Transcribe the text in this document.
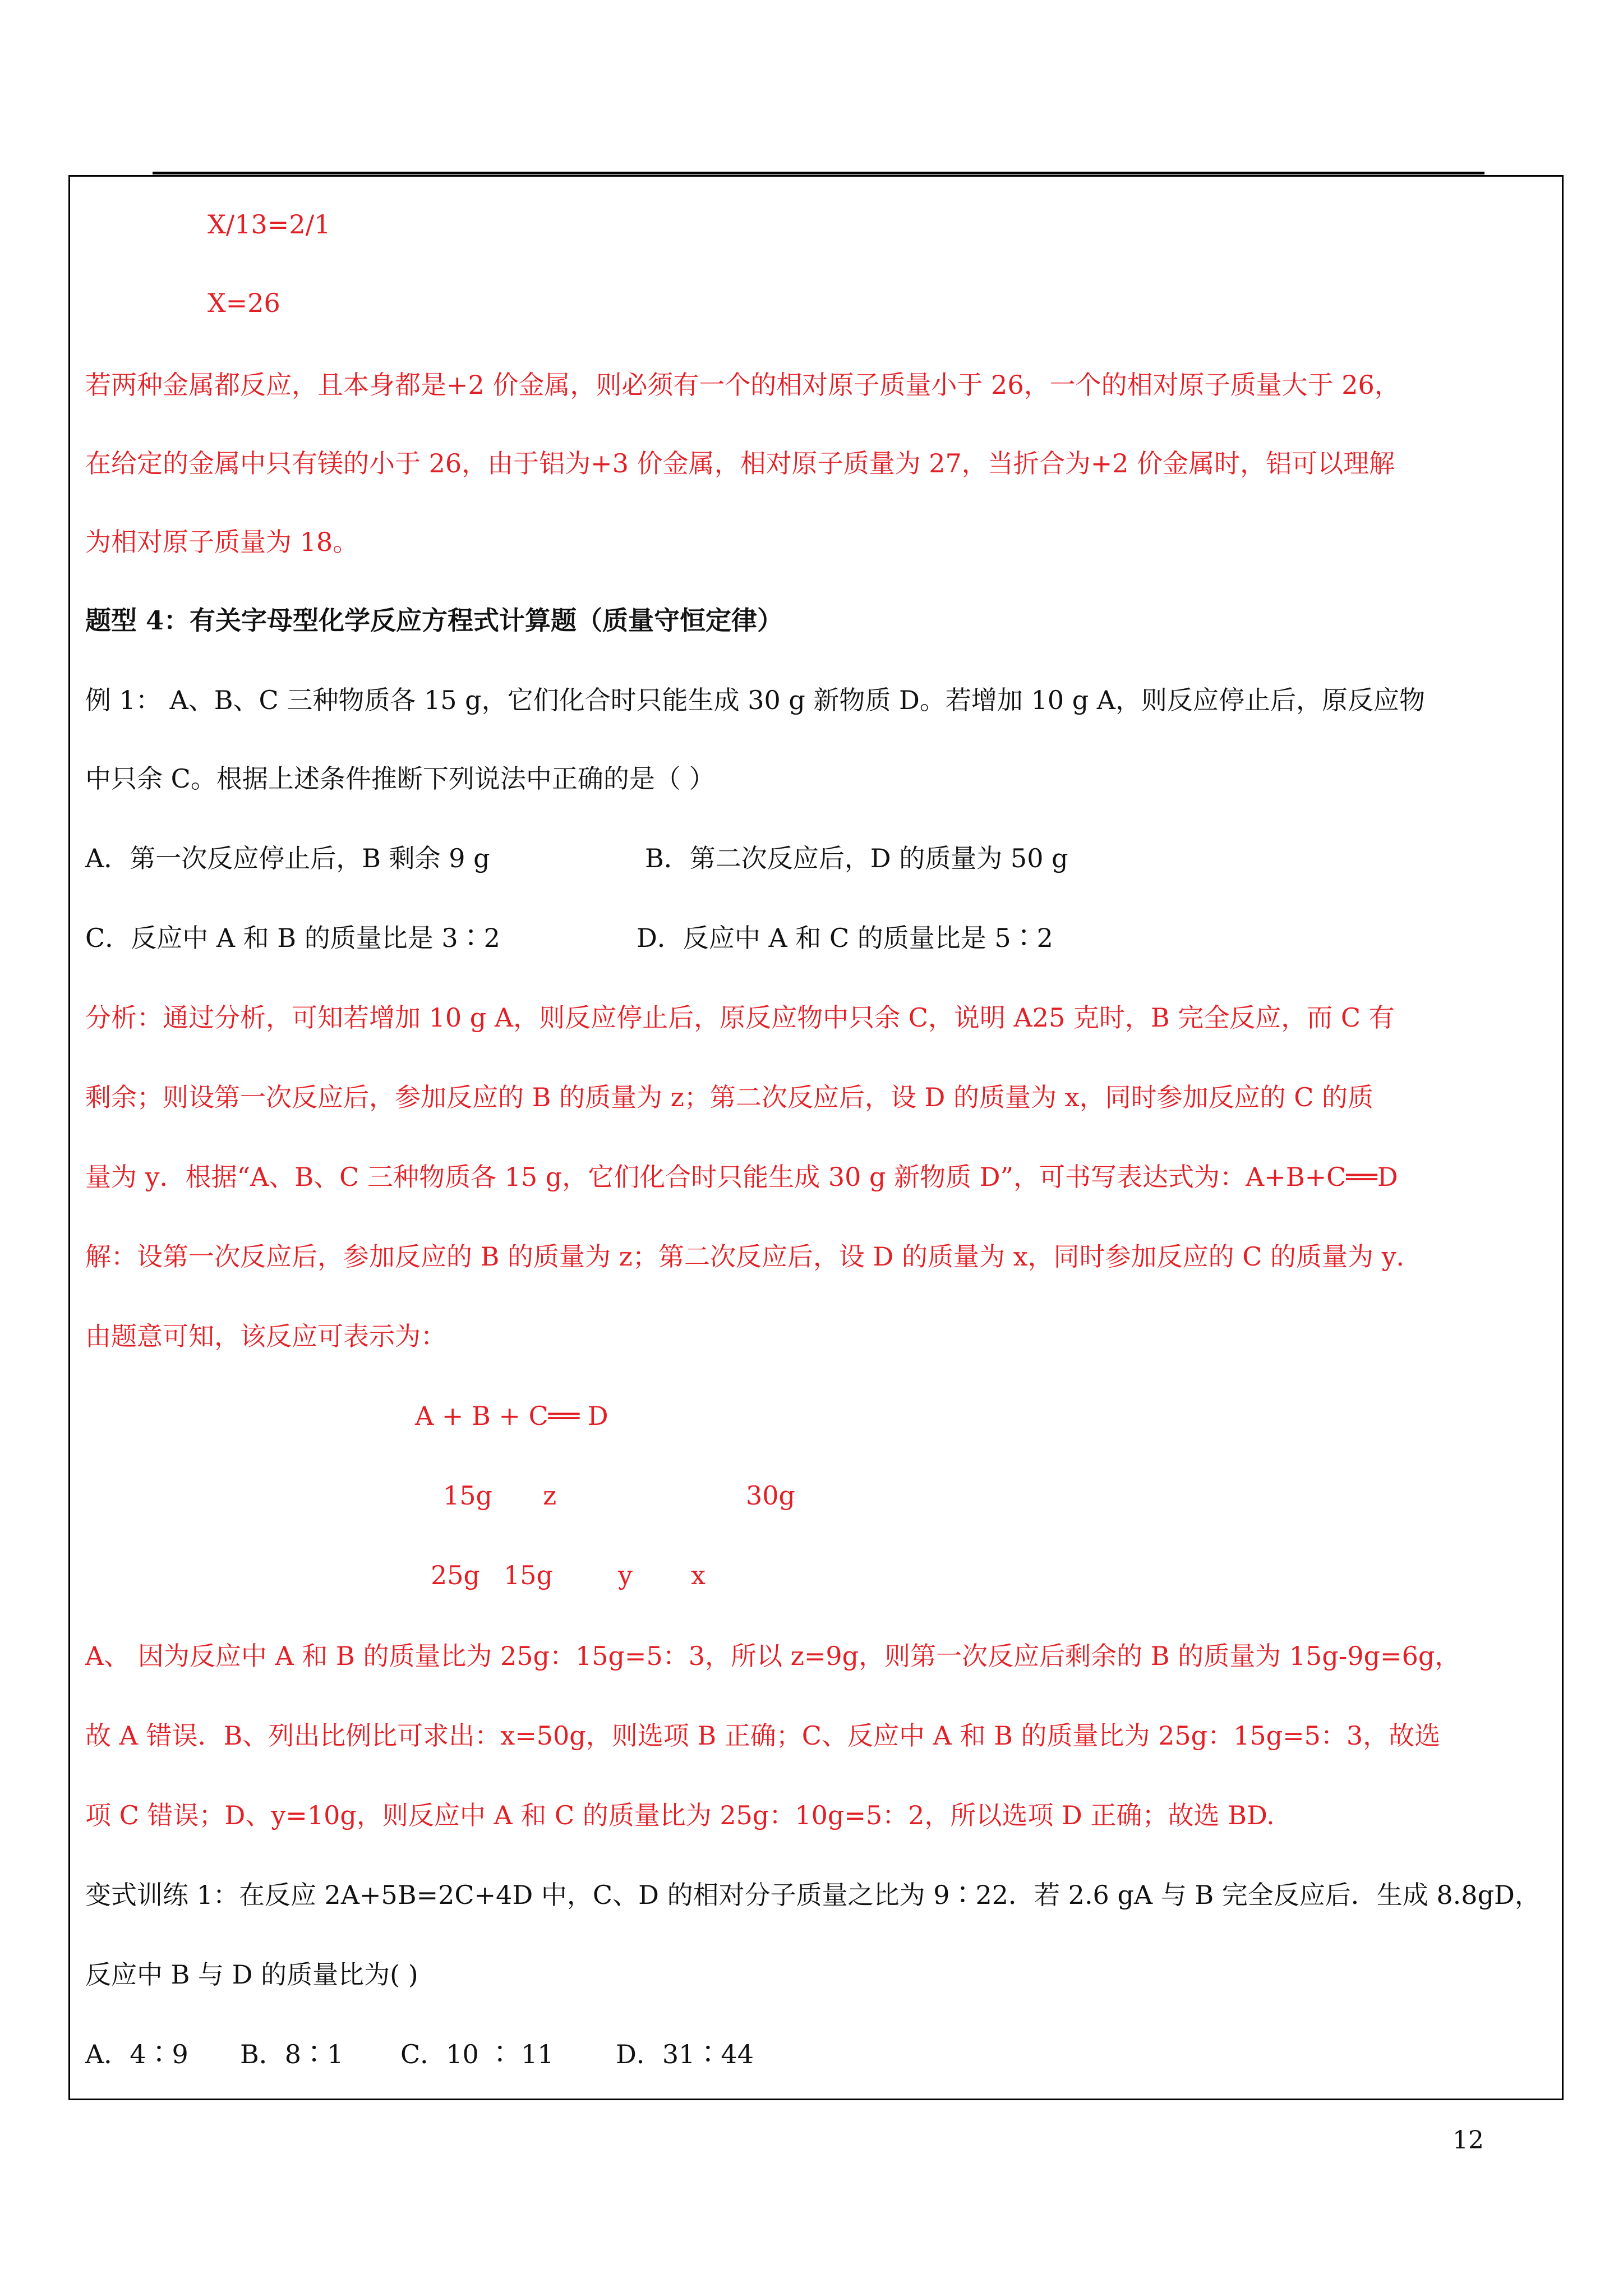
X/13=2/1
X=26
若两种金属都反应，且本身都是+2 价金属，则必须有一个的相对原子质量小于 26，一个的相对原子质量大于 26，
在给定的金属中只有镁的小于 26，由于铝为+3 价金属，相对原子质量为 27，当折合为+2 价金属时，铝可以理解
为相对原子质量为 18。
题型 4：有关字母型化学反应方程式计算题（质量守恒定律）
例 1： A、B、C 三种物质各 15 g，它们化合时只能生成 30 g 新物质 D。若增加 10 g A，则反应停止后，原反应物
中只余 C。根据上述条件推断下列说法中正确的是（ ）
A．第一次反应停止后，B 剩余 9 g	B．第二次反应后，D 的质量为 50 g
C．反应中 A 和 B 的质量比是 3∶2	D．反应中 A 和 C 的质量比是 5∶2
分析：通过分析，可知若增加 10 g A，则反应停止后，原反应物中只余 C，说明 A25 克时，B 完全反应，而 C 有
剩余；则设第一次反应后，参加反应的 B 的质量为 z；第二次反应后，设 D 的质量为 x，同时参加反应的 C 的质
量为 y．根据“A、B、C 三种物质各 15 g，它们化合时只能生成 30 g 新物质 D”，可书写表达式为：A+B+C══D
解：设第一次反应后，参加反应的 B 的质量为 z；第二次反应后，设 D 的质量为 x，同时参加反应的 C 的质量为 y．
由题意可知，该反应可表示为：
A + B + C══ D
15g z	30g
25g 15g	y x
A、 因为反应中 A 和 B 的质量比为 25g：15g=5：3，所以 z=9g，则第一次反应后剩余的 B 的质量为 15g-9g=6g，
故 A 错误．B、列出比例比可求出：x=50g，则选项 B 正确；C、反应中 A 和 B 的质量比为 25g：15g=5：3，故选
项 C 错误；D、y=10g，则反应中 A 和 C 的质量比为 25g：10g=5：2，所以选项 D 正确；故选 BD.
变式训练 1：在反应 2A+5B=2C+4D 中，C、D 的相对分子质量之比为 9∶22．若 2.6 gA 与 B 完全反应后．生成 8.8gD，
反应中 B 与 D 的质量比为( )
A．4∶9 B．8∶1 C．10 ∶ 11 D．31∶44
12
